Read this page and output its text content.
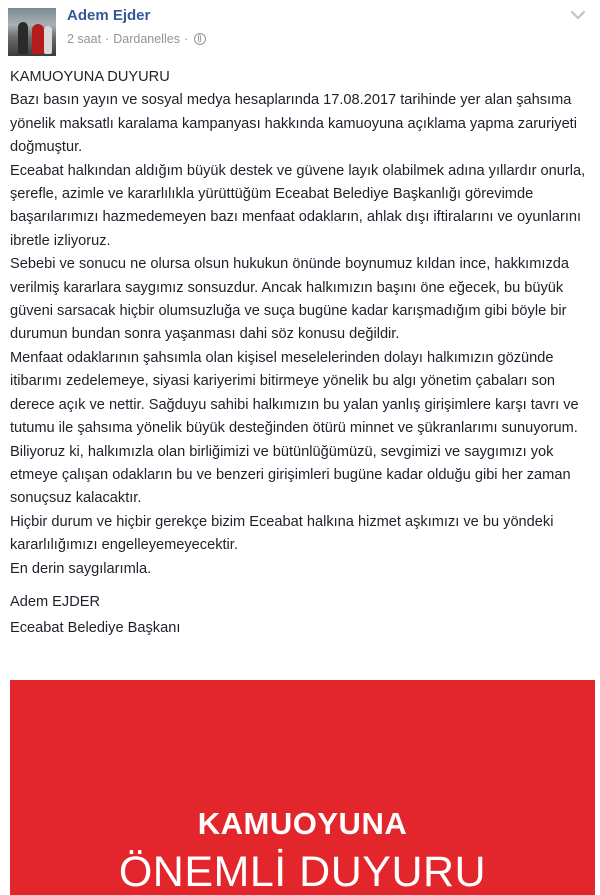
Adem Ejder
2 saat · Dardanelles ·

KAMUOYUNA DUYURU

Bazı basın yayın ve sosyal medya hesaplarında 17.08.2017 tarihinde yer alan şahsıma yönelik maksatlı karalama kampanyası hakkında kamuoyuna açıklama yapma zaruriyeti doğmuştur.

Eceabat halkından aldığım büyük destek ve güvene layık olabilmek adına yıllardır onurla, şerefle, azimle ve kararlılıkla yürüttüğüm Eceabat Belediye Başkanlığı görevimde başarılarımızı hazmedemeyen bazı menfaat odakların, ahlak dışı iftiralarını ve oyunlarını ibretle izliyoruz.

Sebebi ve sonucu ne olursa olsun hukukun önünde boynumuz kıldan ince, hakkımızda verilmiş kararlara saygımız sonsuzdur. Ancak halkımızın başını öne eğecek, bu büyük güveni sarsacak hiçbir olumsuzluğa ve suça bugüne kadar karışmadığım gibi böyle bir durumun bundan sonra yaşanması dahi söz konusu değildir.

Menfaat odaklarının şahsımla olan kişisel meselelerinden dolayı halkımızın gözünde itibarımı zedelemeye, siyasi kariyerimi bitirmeye yönelik bu algı yönetim çabaları son derece açık ve nettir. Sağduyu sahibi halkımızın bu yalan yanlış girişimlere karşı tavrı ve tutumu ile şahsıma yönelik büyük desteğinden ötürü minnet ve şükranlarımı sunuyorum.

Biliyoruz ki, halkımızla olan birliğimizi ve bütünlüğümüzü, sevgimizi ve saygımızı yok etmeye çalışan odakların bu ve benzeri girişimleri bugüne kadar olduğu gibi her zaman sonuçsuz kalacaktır.

Hiçbir durum ve hiçbir gerekçe bizim Eceabat halkına hizmet aşkımızı ve bu yöndeki kararlılığımızı engelleyemeyecektir.

En derin saygılarımla.

Adem EJDER

Eceabat Belediye Başkanı

KAMUOYUNA
ÖNEMLİ DUYURU
